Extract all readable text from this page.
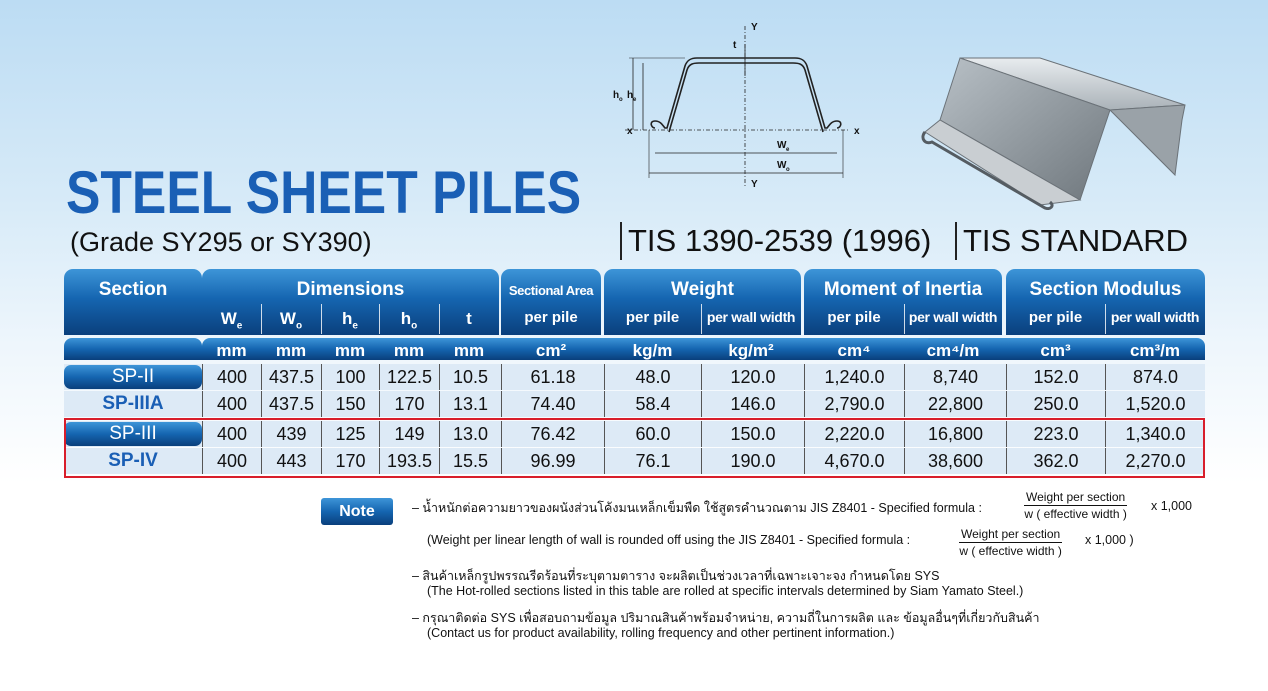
STEEL SHEET PILES
(Grade SY295 or SY390)	TIS 1390-2539 (1996) TIS STANDARD
Y
Y
t
h o h e
x	x
W e
W o
Section	Dimensions	Sectional Area
per pile
Weight	Moment of Inertia	Section Modulus
$W_e$	$W_o$	$h_e$	$h_o$	t	per pile	per wall width	per pile	per wall width	per pile	per wall width
mm	mm	mm	mm	mm	cm²	kg/m	kg/m²	cm⁴	cm⁴/m	cm³	cm³/m
SP-II	400	437.5	100	122.5	10.5	61.18	48.0	120.0	1,240.0	8,740	152.0	874.0
SP-IIIA	400	437.5	150	170	13.1	74.40	58.4	146.0	2,790.0	22,800	250.0	1,520.0
SP-III	400	439	125	149	13.0	76.42	60.0	150.0	2,220.0	16,800	223.0	1,340.0
SP-IV	400	443	170	193.5	15.5	96.99	76.1	190.0	4,670.0	38,600	362.0	2,270.0
Note	– น้ำหนักต่อความยาวของผนังส่วนโค้งมนเหล็กเข็มพืด ใช้สูตรคำนวณตาม JIS Z8401 - Specified formula :
Weight per section
w ( effective width )
x 1,000
(Weight per linear length of wall is rounded off using the JIS Z8401 - Specified formula :	Weight per section
w ( effective width )
x 1,000 )
– สินค้าเหล็กรูปพรรณรีดร้อนที่ระบุตามตาราง จะผลิตเป็นช่วงเวลาที่เฉพาะเจาะจง กำหนดโดย SYS
(The Hot-rolled sections listed in this table are rolled at specific intervals determined by Siam Yamato Steel.)
– กรุณาติดต่อ SYS เพื่อสอบถามข้อมูล ปริมาณสินค้าพร้อมจำหน่าย, ความถี่ในการผลิต และ ข้อมูลอื่นๆที่เกี่ยวกับสินค้า
(Contact us for product availability, rolling frequency and other pertinent information.)
